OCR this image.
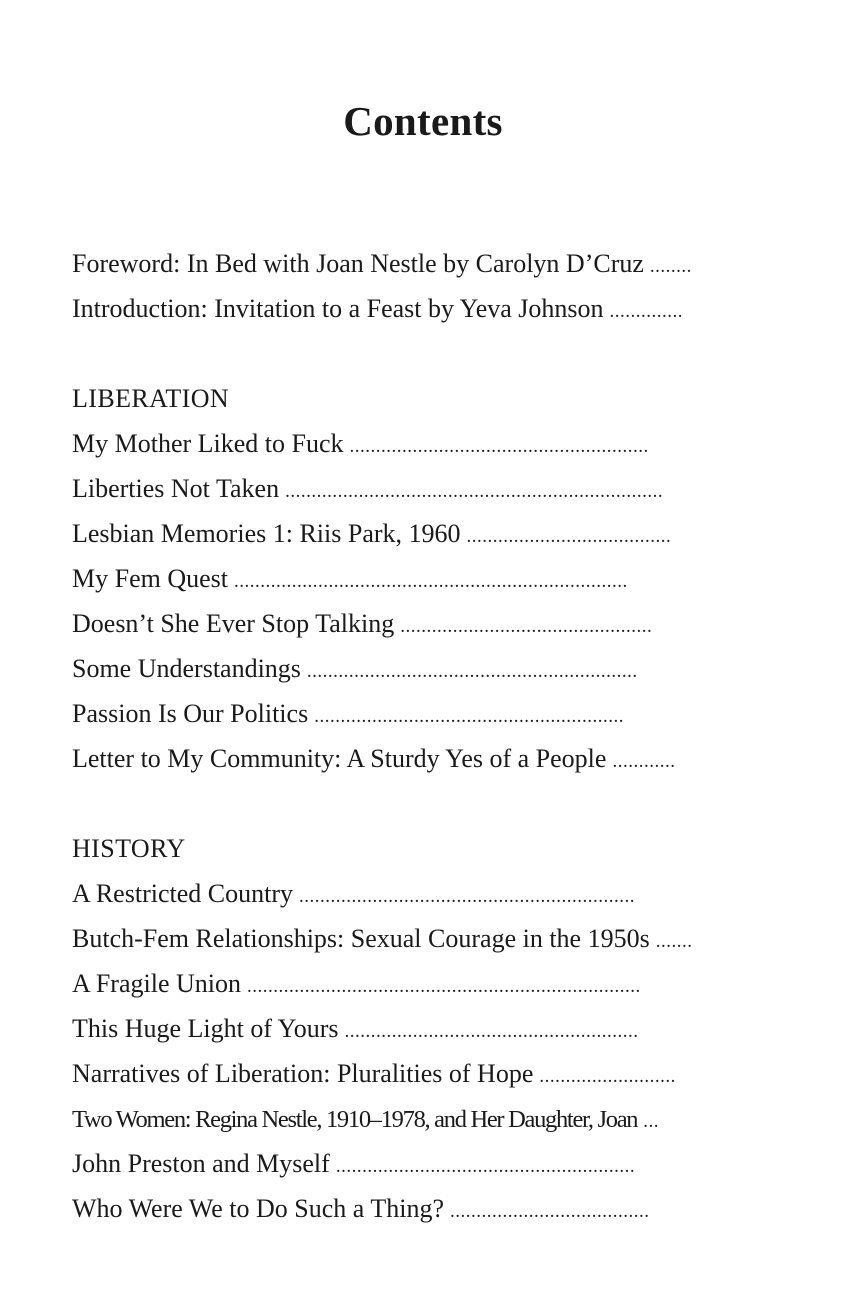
Contents
Foreword: In Bed with Joan Nestle by Carolyn D’Cruz ........
Introduction: Invitation to a Feast by Yeva Johnson ..............
LIBERATION
My Mother Liked to Fuck .........................................................
Liberties Not Taken ........................................................................
Lesbian Memories 1: Riis Park, 1960 .......................................
My Fem Quest ...........................................................................
Doesn’t She Ever Stop Talking ................................................
Some Understandings ...............................................................
Passion Is Our Politics ...........................................................
Letter to My Community: A Sturdy Yes of a People ............
HISTORY
A Restricted Country ................................................................
Butch-Fem Relationships: Sexual Courage in the 1950s .......
A Fragile Union ...........................................................................
This Huge Light of Yours ........................................................
Narratives of Liberation: Pluralities of Hope ..........................
Two Women: Regina Nestle, 1910–1978, and Her Daughter, Joan ...
John Preston and Myself .........................................................
Who Were We to Do Such a Thing? ......................................
